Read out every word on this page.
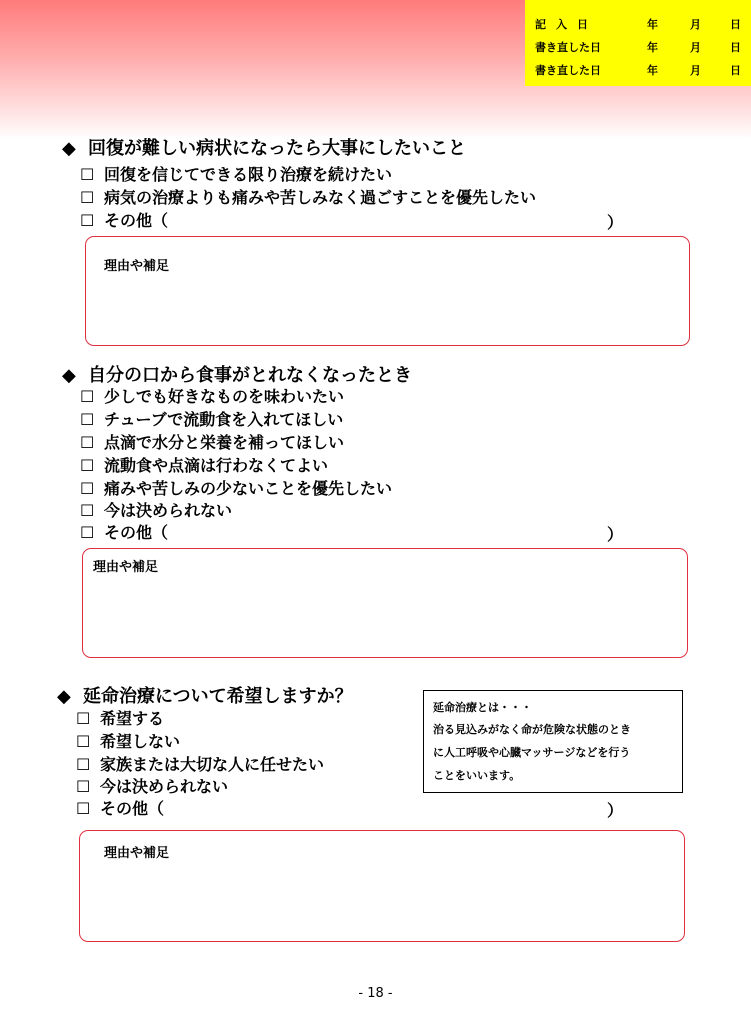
記入日	年	月	日
書き直した日	年	月	日
書き直した日	年	月	日
◆ 回復が難しい病状になったら大事にしたいこと
☐ 回復を信じてできる限り治療を続けたい
☐ 病気の治療よりも痛みや苦しみなく過ごすことを優先したい
☐ その他（	）
理由や補足
◆ 自分の口から食事がとれなくなったとき
☐ 少しでも好きなものを味わいたい
☐ チューブで流動食を入れてほしい
☐ 点滴で水分と栄養を補ってほしい
☐ 流動食や点滴は行わなくてよい
☐ 痛みや苦しみの少ないことを優先したい
☐ 今は決められない
☐ その他（	）
理由や補足
◆ 延命治療について希望しますか？
☐ 希望する
☐ 希望しない
☐ 家族または大切な人に任せたい
☐ 今は決められない
☐ その他（	）
延命治療とは・・・
治る見込みがなく命が危険な状態のとき
に人工呼吸や心臓マッサージなどを行う
ことをいいます。
理由や補足
- 18 -
